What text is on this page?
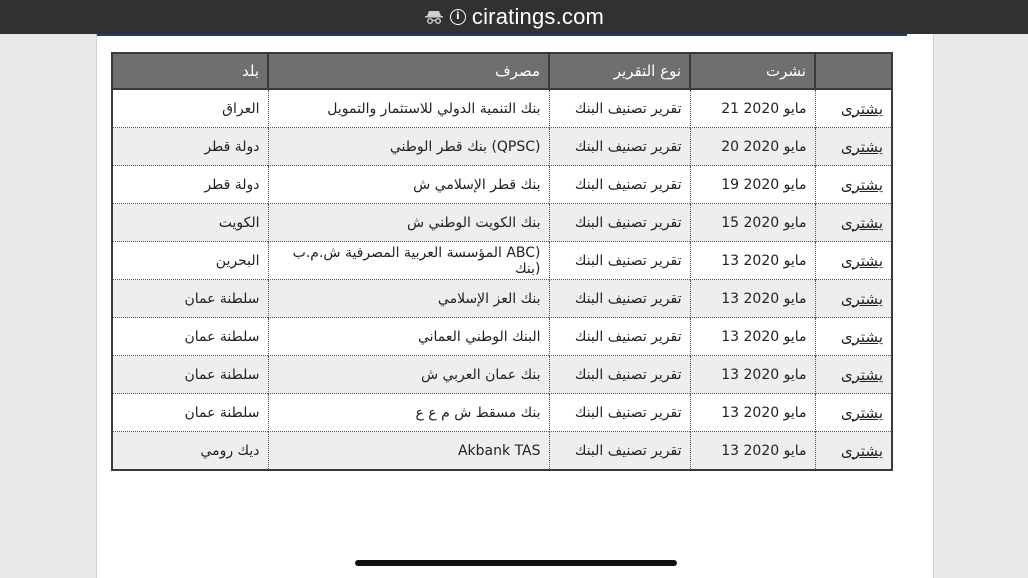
i ciratings.com
	نشرت	نوع التقرير	مصرف	بلد
يشترى	مايو 2020 21	تقرير تصنيف البنك	بنك التنمية الدولي للاستثمار والتمويل	العراق
يشترى	مايو 2020 20	تقرير تصنيف البنك	(QPSC) بنك قطر الوطني	دولة قطر
يشترى	مايو 2020 19	تقرير تصنيف البنك	بنك قطر الإسلامي ش	دولة قطر
يشترى	مايو 2020 15	تقرير تصنيف البنك	بنك الكويت الوطني ش	الكويت
يشترى	مايو 2020 13	تقرير تصنيف البنك	(ABC المؤسسة العربية المصرفية ش.م.ب (بنك	البحرين
يشترى	مايو 2020 13	تقرير تصنيف البنك	بنك العز الإسلامي	سلطنة عمان
يشترى	مايو 2020 13	تقرير تصنيف البنك	البنك الوطني العماني	سلطنة عمان
يشترى	مايو 2020 13	تقرير تصنيف البنك	بنك عمان العربي ش	سلطنة عمان
يشترى	مايو 2020 13	تقرير تصنيف البنك	بنك مسقط ش م ع ع	سلطنة عمان
يشترى	مايو 2020 13	تقرير تصنيف البنك	Akbank TAS	ديك رومي
